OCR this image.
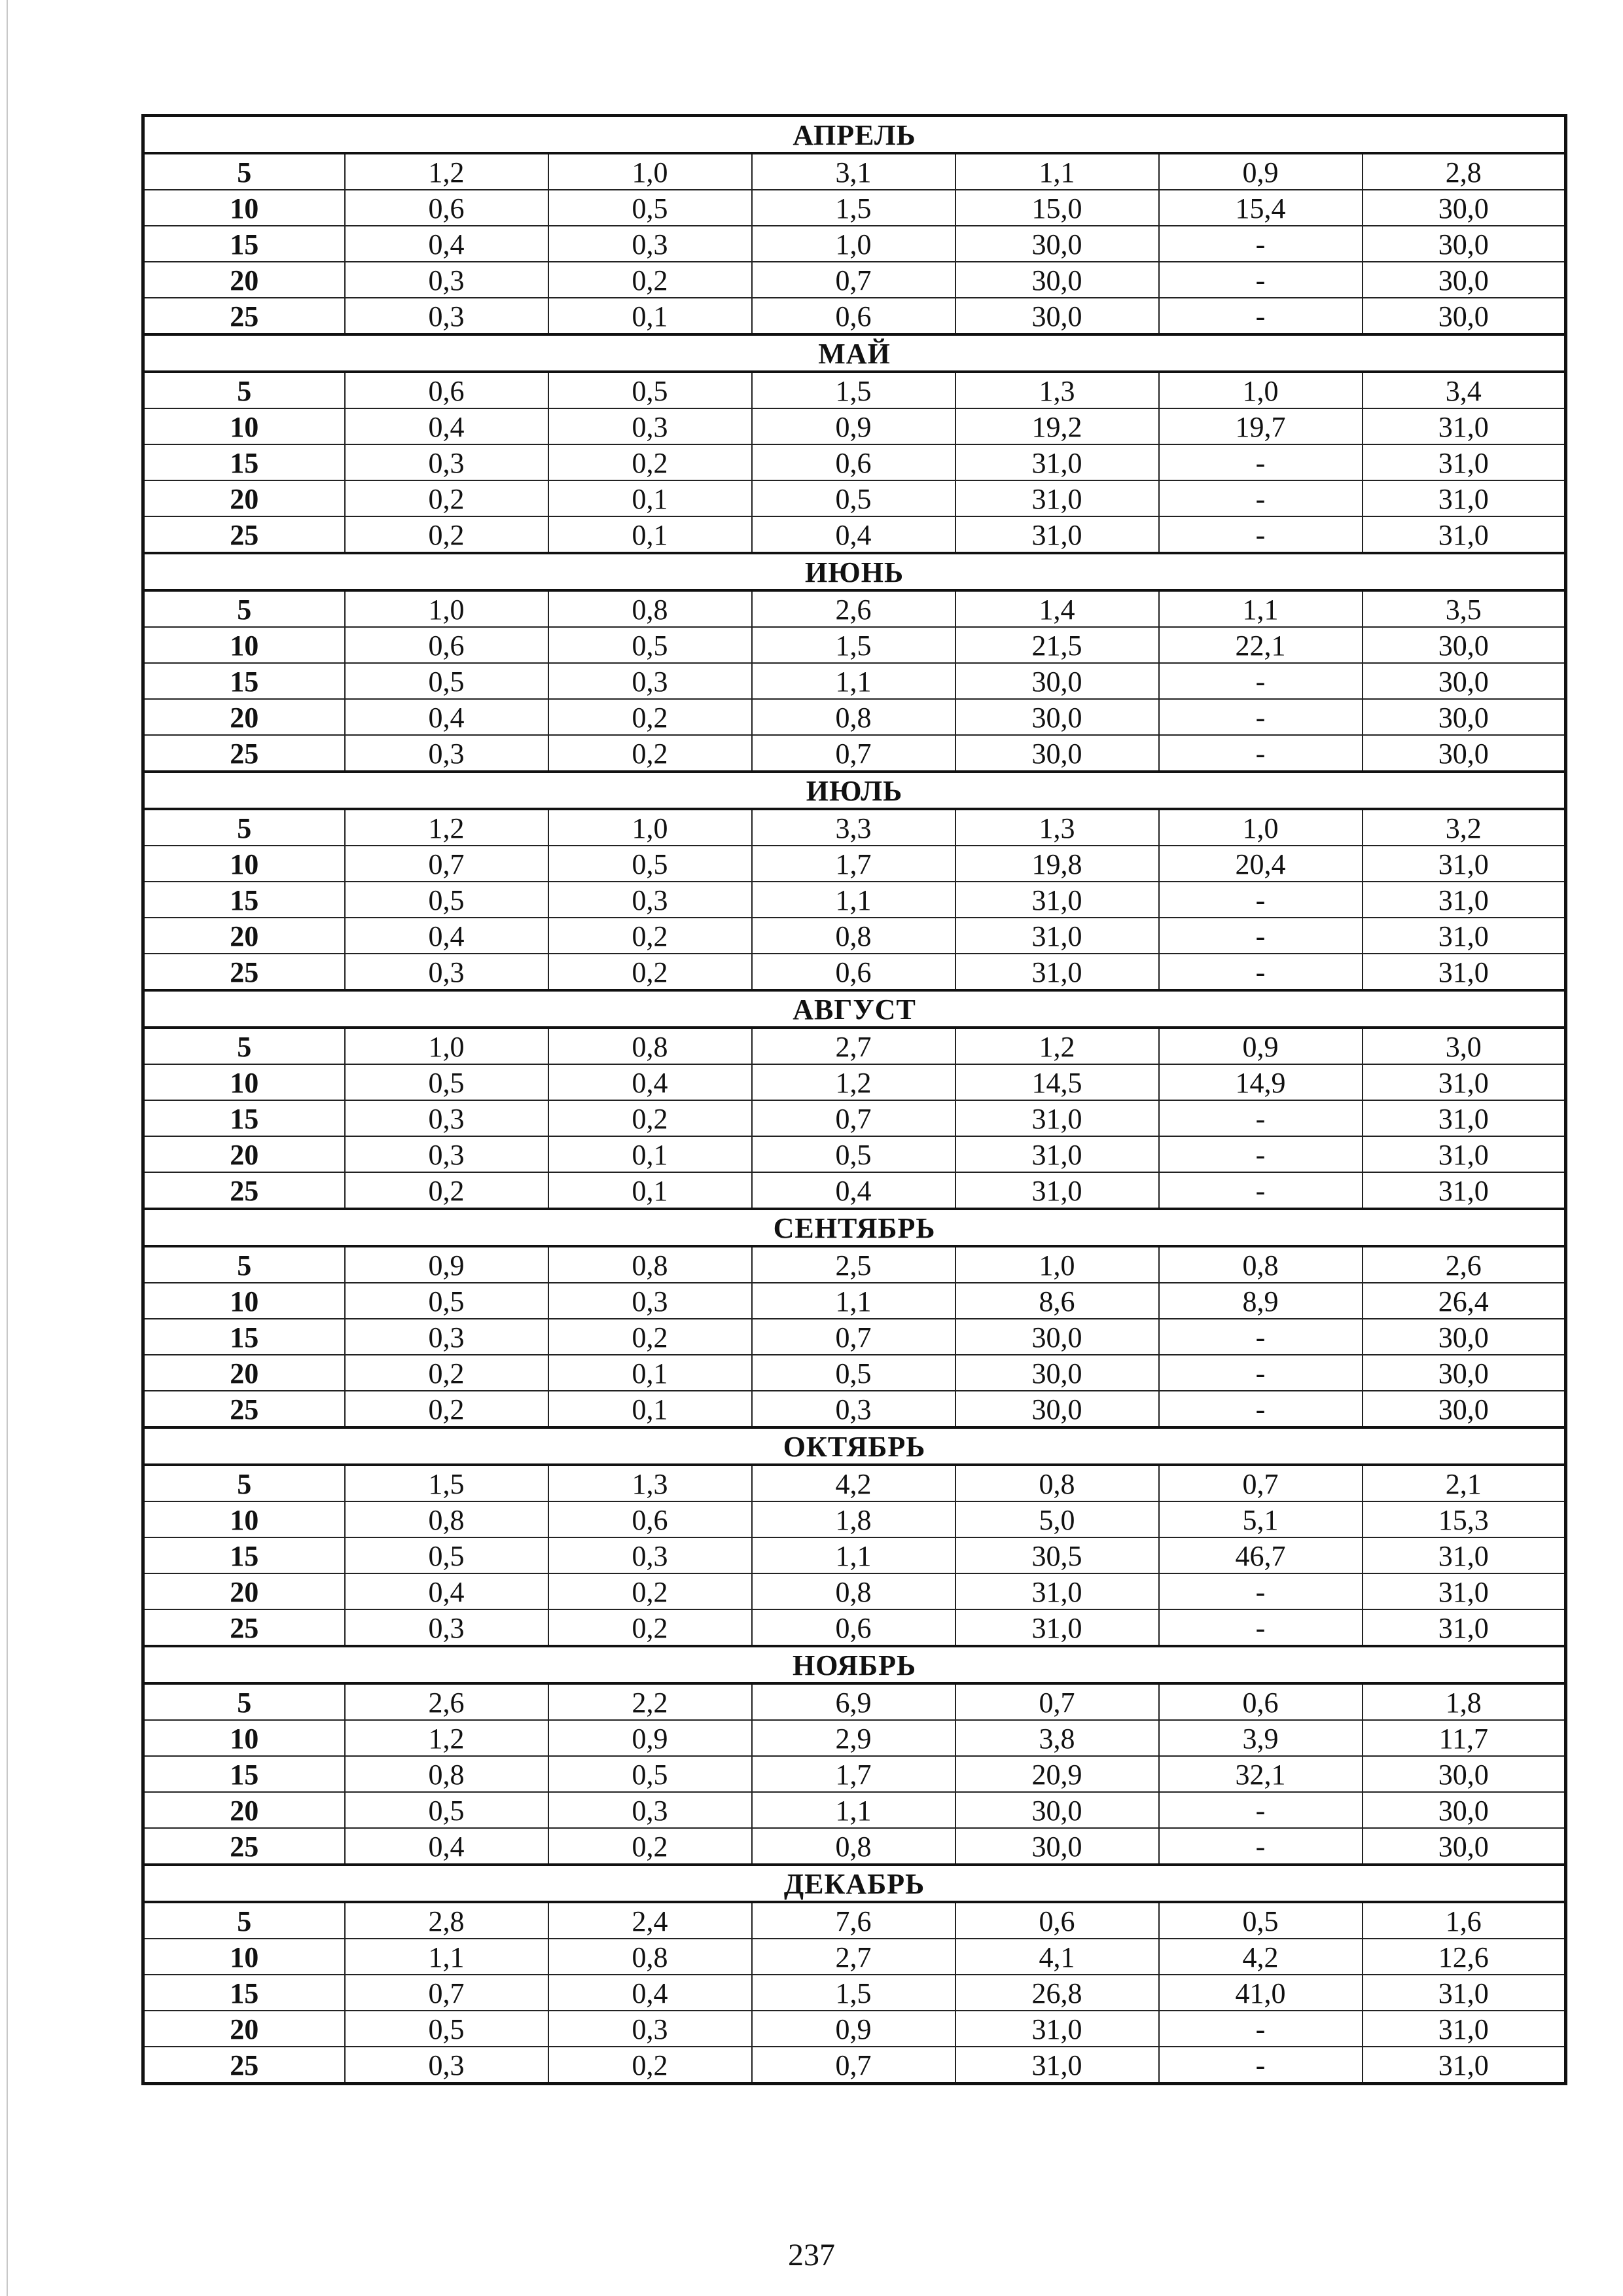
АПРЕЛЬ						
5	1,2	1,0	3,1	1,1	0,9	2,8
10	0,6	0,5	1,5	15,0	15,4	30,0
15	0,4	0,3	1,0	30,0	-	30,0
20	0,3	0,2	0,7	30,0	-	30,0
25	0,3	0,1	0,6	30,0	-	30,0
МАЙ						
5	0,6	0,5	1,5	1,3	1,0	3,4
10	0,4	0,3	0,9	19,2	19,7	31,0
15	0,3	0,2	0,6	31,0	-	31,0
20	0,2	0,1	0,5	31,0	-	31,0
25	0,2	0,1	0,4	31,0	-	31,0
ИЮНЬ						
5	1,0	0,8	2,6	1,4	1,1	3,5
10	0,6	0,5	1,5	21,5	22,1	30,0
15	0,5	0,3	1,1	30,0	-	30,0
20	0,4	0,2	0,8	30,0	-	30,0
25	0,3	0,2	0,7	30,0	-	30,0
ИЮЛЬ						
5	1,2	1,0	3,3	1,3	1,0	3,2
10	0,7	0,5	1,7	19,8	20,4	31,0
15	0,5	0,3	1,1	31,0	-	31,0
20	0,4	0,2	0,8	31,0	-	31,0
25	0,3	0,2	0,6	31,0	-	31,0
АВГУСТ						
5	1,0	0,8	2,7	1,2	0,9	3,0
10	0,5	0,4	1,2	14,5	14,9	31,0
15	0,3	0,2	0,7	31,0	-	31,0
20	0,3	0,1	0,5	31,0	-	31,0
25	0,2	0,1	0,4	31,0	-	31,0
СЕНТЯБРЬ						
5	0,9	0,8	2,5	1,0	0,8	2,6
10	0,5	0,3	1,1	8,6	8,9	26,4
15	0,3	0,2	0,7	30,0	-	30,0
20	0,2	0,1	0,5	30,0	-	30,0
25	0,2	0,1	0,3	30,0	-	30,0
ОКТЯБРЬ						
5	1,5	1,3	4,2	0,8	0,7	2,1
10	0,8	0,6	1,8	5,0	5,1	15,3
15	0,5	0,3	1,1	30,5	46,7	31,0
20	0,4	0,2	0,8	31,0	-	31,0
25	0,3	0,2	0,6	31,0	-	31,0
НОЯБРЬ						
5	2,6	2,2	6,9	0,7	0,6	1,8
10	1,2	0,9	2,9	3,8	3,9	11,7
15	0,8	0,5	1,7	20,9	32,1	30,0
20	0,5	0,3	1,1	30,0	-	30,0
25	0,4	0,2	0,8	30,0	-	30,0
ДЕКАБРЬ						
5	2,8	2,4	7,6	0,6	0,5	1,6
10	1,1	0,8	2,7	4,1	4,2	12,6
15	0,7	0,4	1,5	26,8	41,0	31,0
20	0,5	0,3	0,9	31,0	-	31,0
25	0,3	0,2	0,7	31,0	-	31,0
237
